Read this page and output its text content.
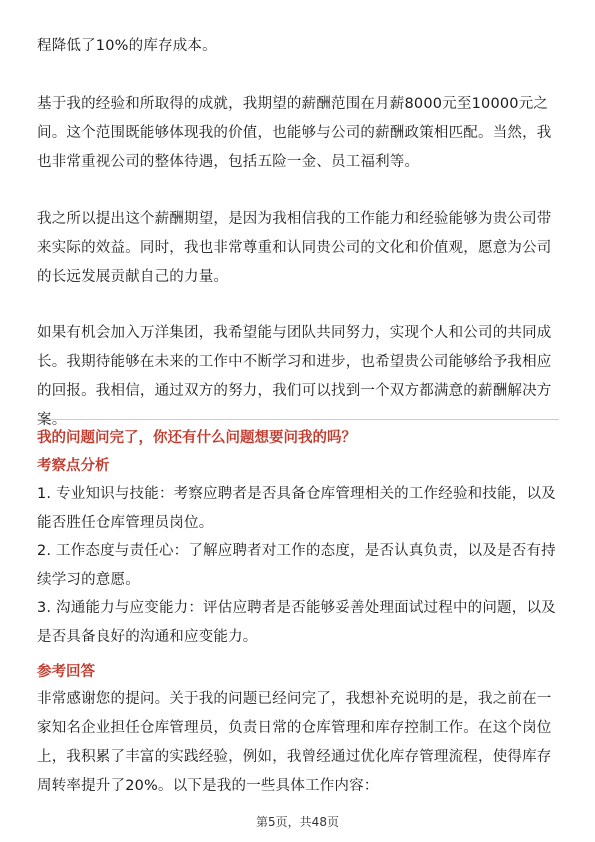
程降低了10%的库存成本。

基于我的经验和所取得的成就，我期望的薪酬范围在月薪8000元至10000元之间。这个范围既能够体现我的价值，也能够与公司的薪酬政策相匹配。当然，我也非常重视公司的整体待遇，包括五险一金、员工福利等。

我之所以提出这个薪酬期望，是因为我相信我的工作能力和经验能够为贵公司带来实际的效益。同时，我也非常尊重和认同贵公司的文化和价值观，愿意为公司的长远发展贡献自己的力量。

如果有机会加入万洋集团，我希望能与团队共同努力，实现个人和公司的共同成长。我期待能够在未来的工作中不断学习和进步，也希望贵公司能够给予我相应的回报。我相信，通过双方的努力，我们可以找到一个双方都满意的薪酬解决方案。

我的问题问完了，你还有什么问题想要问我的吗？

考察点分析

1. 专业知识与技能：考察应聘者是否具备仓库管理相关的工作经验和技能，以及能否胜任仓库管理员岗位。

2. 工作态度与责任心：了解应聘者对工作的态度，是否认真负责，以及是否有持续学习的意愿。

3. 沟通能力与应变能力：评估应聘者是否能够妥善处理面试过程中的问题，以及是否具备良好的沟通和应变能力。

参考回答

非常感谢您的提问。关于我的问题已经问完了，我想补充说明的是，我之前在一家知名企业担任仓库管理员，负责日常的仓库管理和库存控制工作。在这个岗位上，我积累了丰富的实践经验，例如，我曾经通过优化库存管理流程，使得库存周转率提升了20%。以下是我的一些具体工作内容：

第5页，共48页
